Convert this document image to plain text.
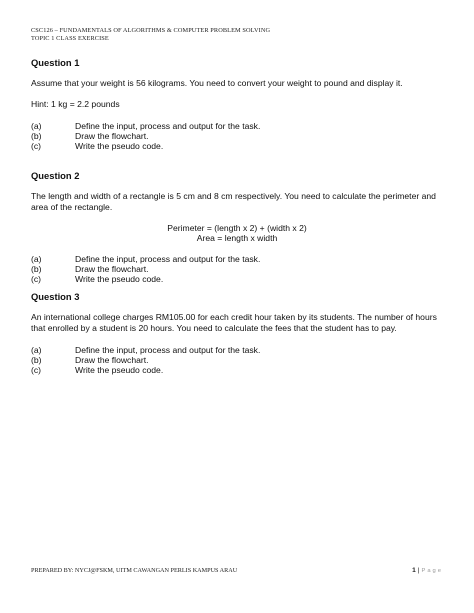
CSC126 – FUNDAMENTALS OF ALGORITHMS & COMPUTER PROBLEM SOLVING
TOPIC 1 CLASS EXERCISE

Question 1

Assume that your weight is 56 kilograms. You need to convert your weight to pound and display it.

Hint: 1 kg = 2.2 pounds

(a)	Define the input, process and output for the task.
(b)	Draw the flowchart.
(c)	Write the pseudo code.

Question 2

The length and width of a rectangle is 5 cm and 8 cm respectively. You need to calculate the perimeter and area of the rectangle.

Perimeter = (length x 2) + (width x 2)
Area = length x width
(a)	Define the input, process and output for the task.
(b)	Draw the flowchart.
(c)	Write the pseudo code.

Question 3

An international college charges RM105.00 for each credit hour taken by its students. The number of hours that enrolled by a student is 20 hours. You need to calculate the fees that the student has to pay.

(a)	Define the input, process and output for the task.
(b)	Draw the flowchart.
(c)	Write the pseudo code.
PREPARED BY: NYCJ@FSKM, UITM CAWANGAN PERLIS KAMPUS ARAU	1 | Page
